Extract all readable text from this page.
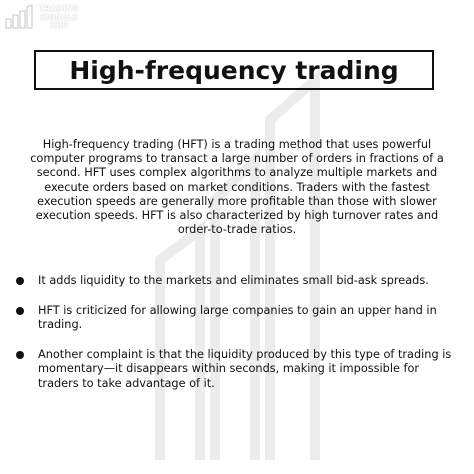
TRADING
SIGNALS
HUB
High-frequency trading

High-frequency trading (HFT) is a trading method that uses powerful computer programs to transact a large number of orders in fractions of a second. HFT uses complex algorithms to analyze multiple markets and execute orders based on market conditions. Traders with the fastest execution speeds are generally more profitable than those with slower execution speeds. HFT is also characterized by high turnover rates and order-to-trade ratios.

It adds liquidity to the markets and eliminates small bid-ask spreads.
HFT is criticized for allowing large companies to gain an upper hand in trading.
Another complaint is that the liquidity produced by this type of trading is momentary—it disappears within seconds, making it impossible for traders to take advantage of it.
